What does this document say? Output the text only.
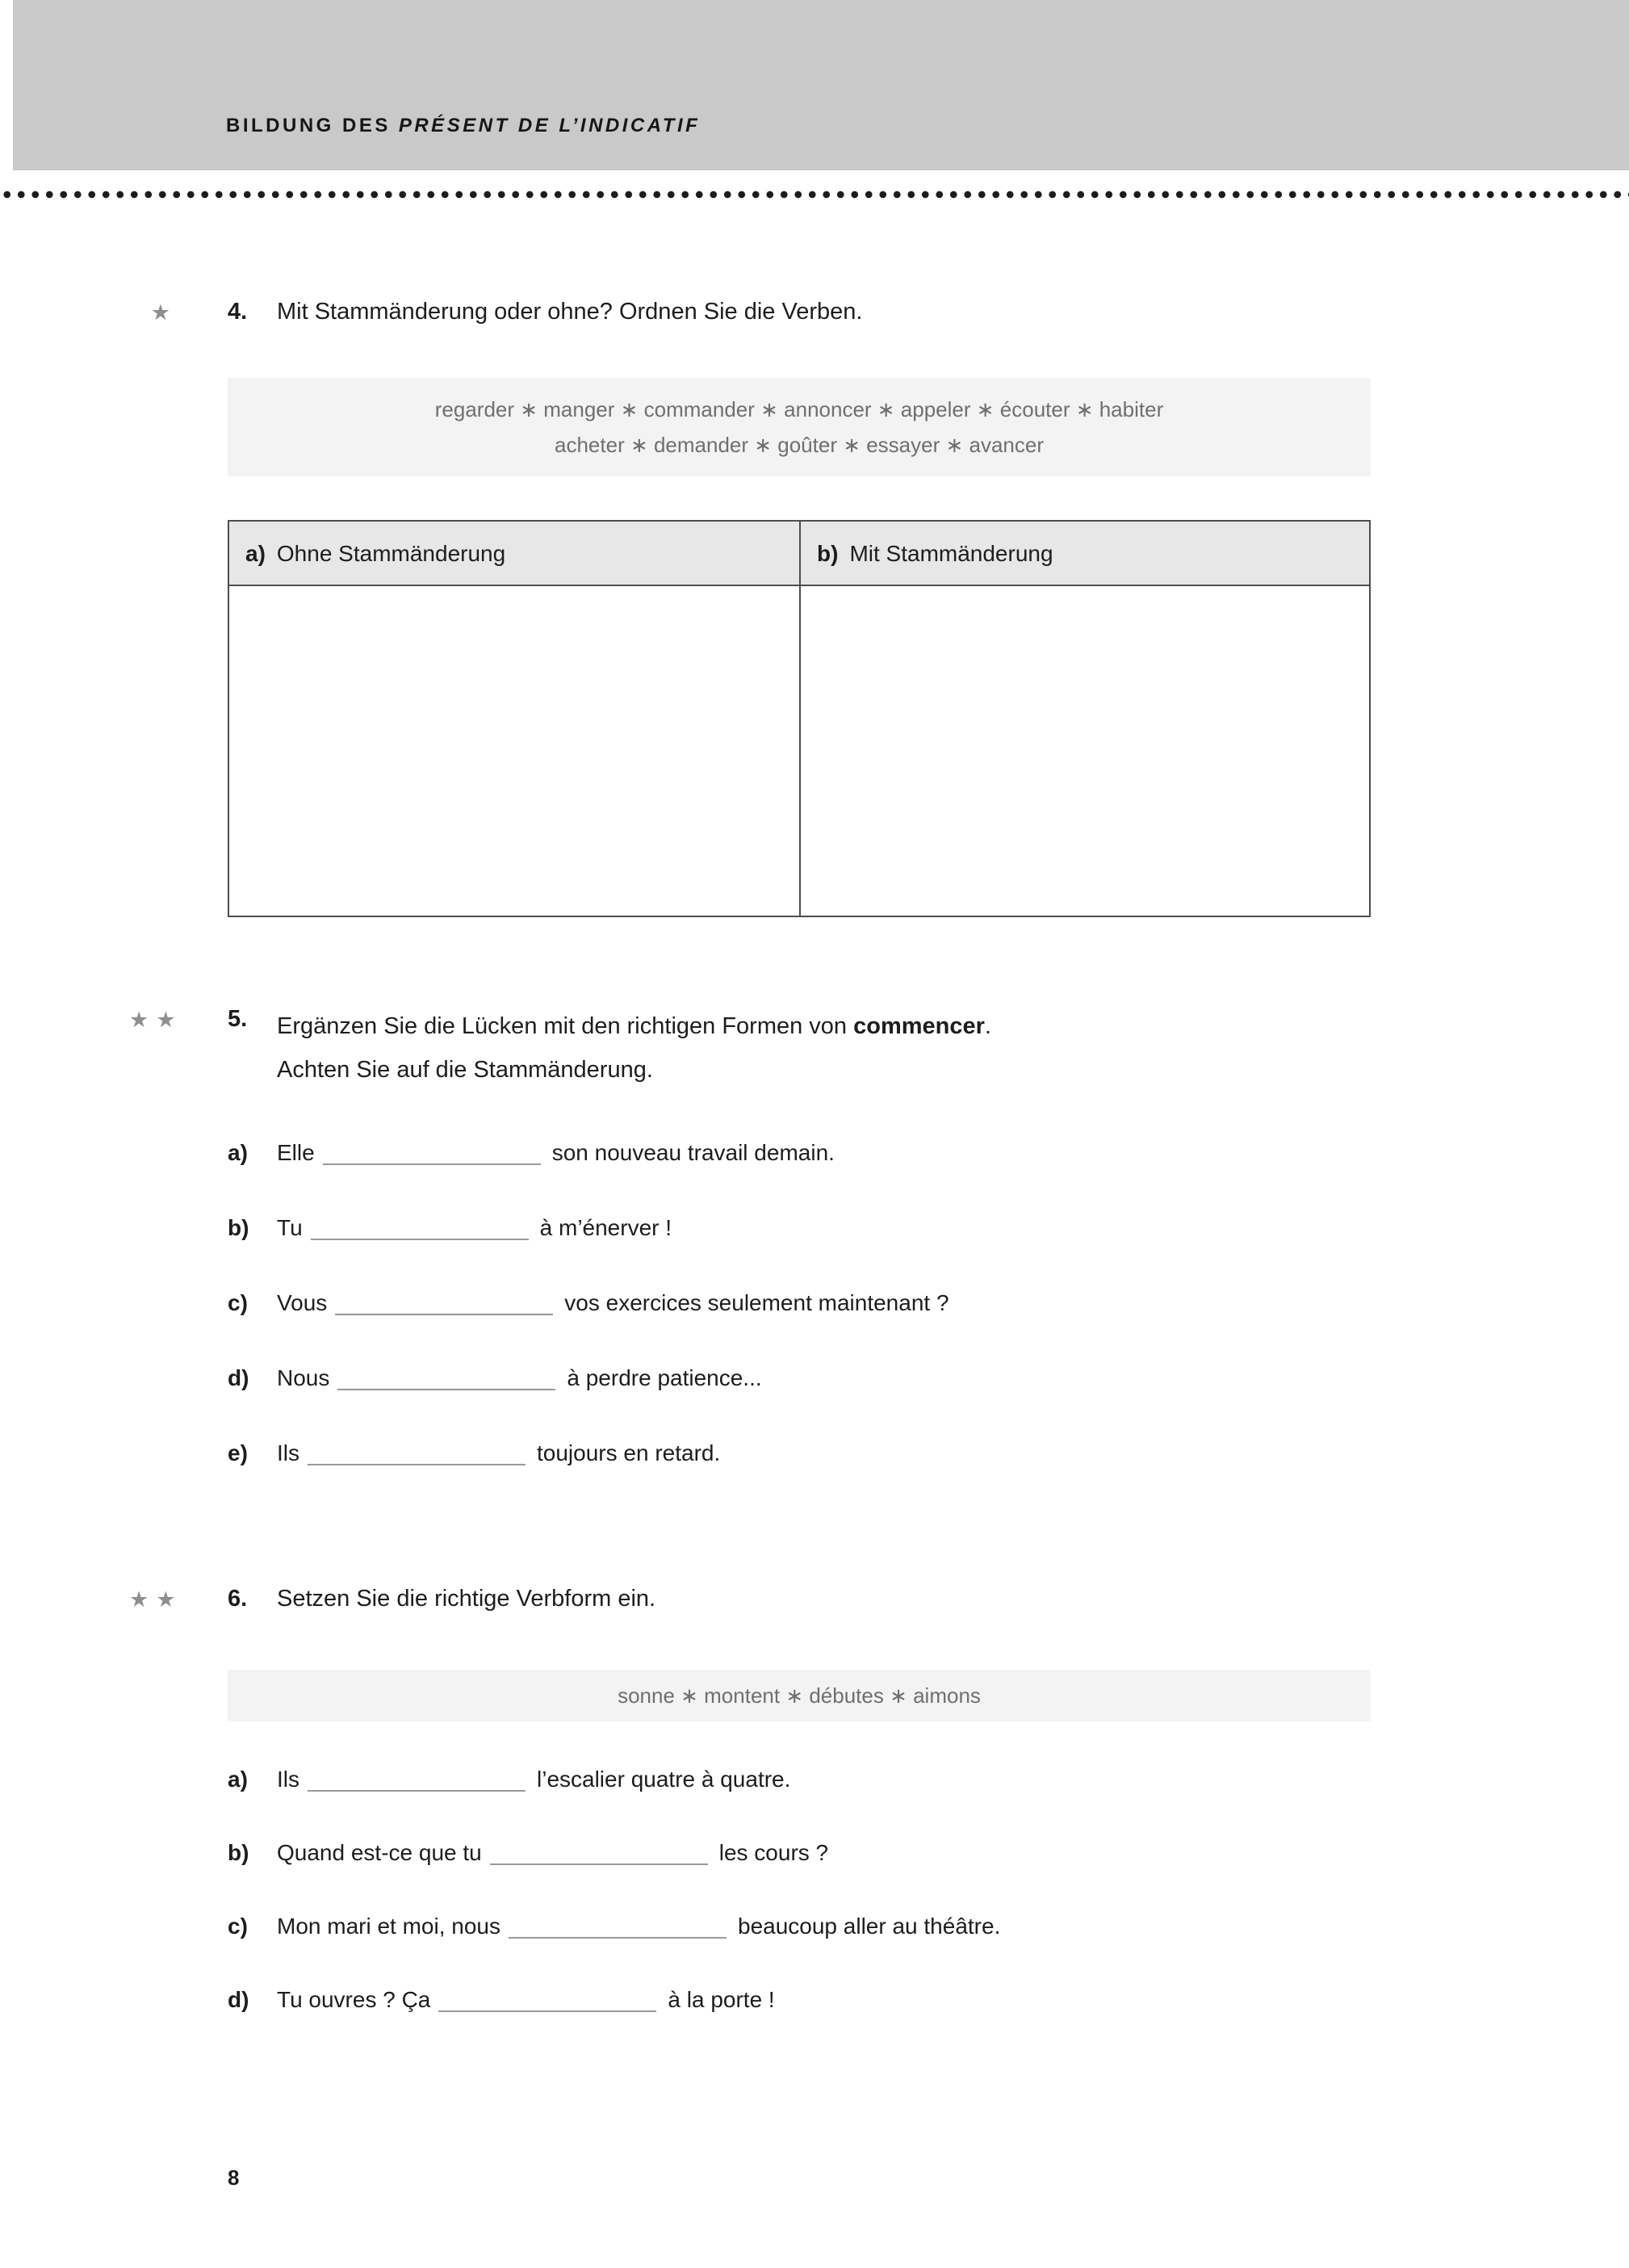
BILDUNG DES PRÉSENT DE L’INDICATIF
★	4.	Mit Stammänderung oder ohne? Ordnen Sie die Verben.
regarder ∗ manger ∗ commander ∗ annoncer ∗ appeler ∗ écouter ∗ habiter
acheter ∗ demander ∗ goûter ∗ essayer ∗ avancer
a) Ohne Stammänderung	b) Mit Stammänderung
★★	5.	Ergänzen Sie die Lücken mit den richtigen Formen von commencer.
Achten Sie auf die Stammänderung.
a) Elle	son nouveau travail demain.
b) Tu	à m’énerver !
c) Vous	vos exercices seulement maintenant ?
d) Nous	à perdre patience...
e) Ils	toujours en retard.
★★	6.	Setzen Sie die richtige Verbform ein.
sonne ∗ montent ∗ débutes ∗ aimons
a) Ils	l’escalier quatre à quatre.
b) Quand est-ce que tu	les cours ?
c) Mon mari et moi, nous	beaucoup aller au théâtre.
d) Tu ouvres ? Ça	à la porte !
8
